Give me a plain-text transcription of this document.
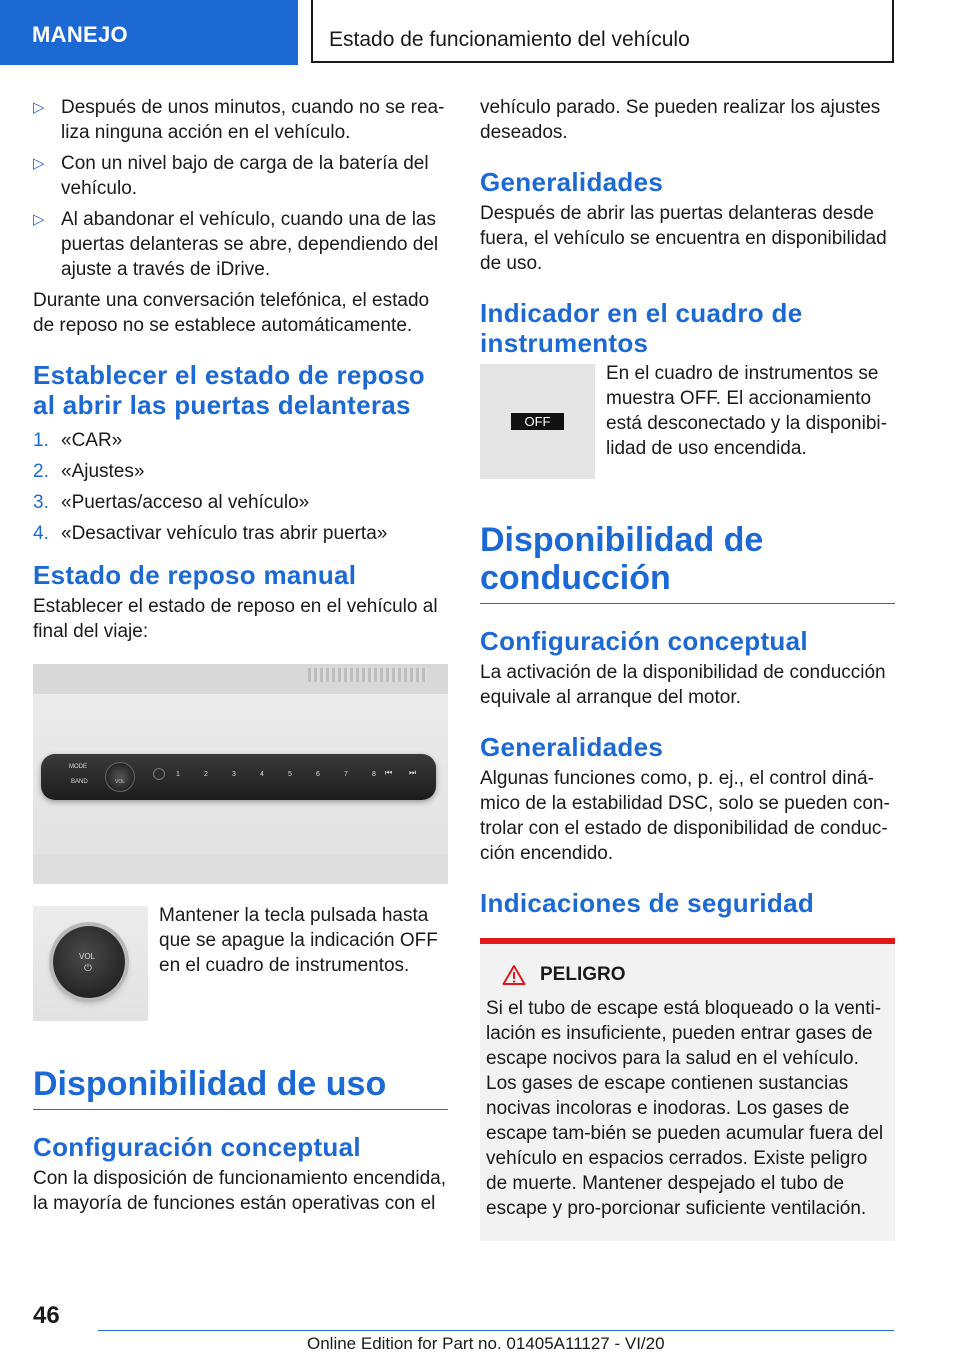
MANEJO	Estado de funcionamiento del vehículo
▷ Después de unos minutos, cuando no se rea-liza ninguna acción en el vehículo.

▷ Con un nivel bajo de carga de la batería del vehículo.

▷ Al abandonar el vehículo, cuando una de las puertas delanteras se abre, dependiendo del ajuste a través de iDrive.

Durante una conversación telefónica, el estado de reposo no se establece automáticamente.

Establecer el estado de reposo al abrir las puertas delanteras
1. «CAR»

2. «Ajustes»

3. «Puertas/acceso al vehículo»

4. «Desactivar vehículo tras abrir puerta»

Estado de reposo manual

Establecer el estado de reposo en el vehículo al final del viaje:

MODE
BAND	VOL
1	2	3	4	5	6	7	8 ⏮ ⏭
VOL
⏻

Mantener la tecla pulsada hasta que se apague la indicación OFF en el cuadro de instrumentos.

Disponibilidad de uso
Configuración conceptual

Con la disposición de funcionamiento encendida, la mayoría de funciones están operativas con el

vehículo parado. Se pueden realizar los ajustes deseados.

Generalidades

Después de abrir las puertas delanteras desde fuera, el vehículo se encuentra en disponibilidad de uso.

Indicador en el cuadro de instrumentos
OFF

En el cuadro de instrumentos se muestra OFF. El accionamiento está desconectado y la disponibi-lidad de uso encendida.

Disponibilidad de conducción
Configuración conceptual

La activación de la disponibilidad de conducción equivale al arranque del motor.

Generalidades

Algunas funciones como, p. ej., el control diná-mico de la estabilidad DSC, solo se pueden con-trolar con el estado de disponibilidad de conduc-ción encendido.

Indicaciones de seguridad
PELIGRO

Si el tubo de escape está bloqueado o la venti-lación es insuficiente, pueden entrar gases de escape nocivos para la salud en el vehículo. Los gases de escape contienen sustancias nocivas incoloras e inodoras. Los gases de escape tam-bién se pueden acumular fuera del vehículo en espacios cerrados. Existe peligro de muerte. Mantener despejado el tubo de escape y pro-porcionar suficiente ventilación.

46
Online Edition for Part no. 01405A11127 - VI/20
